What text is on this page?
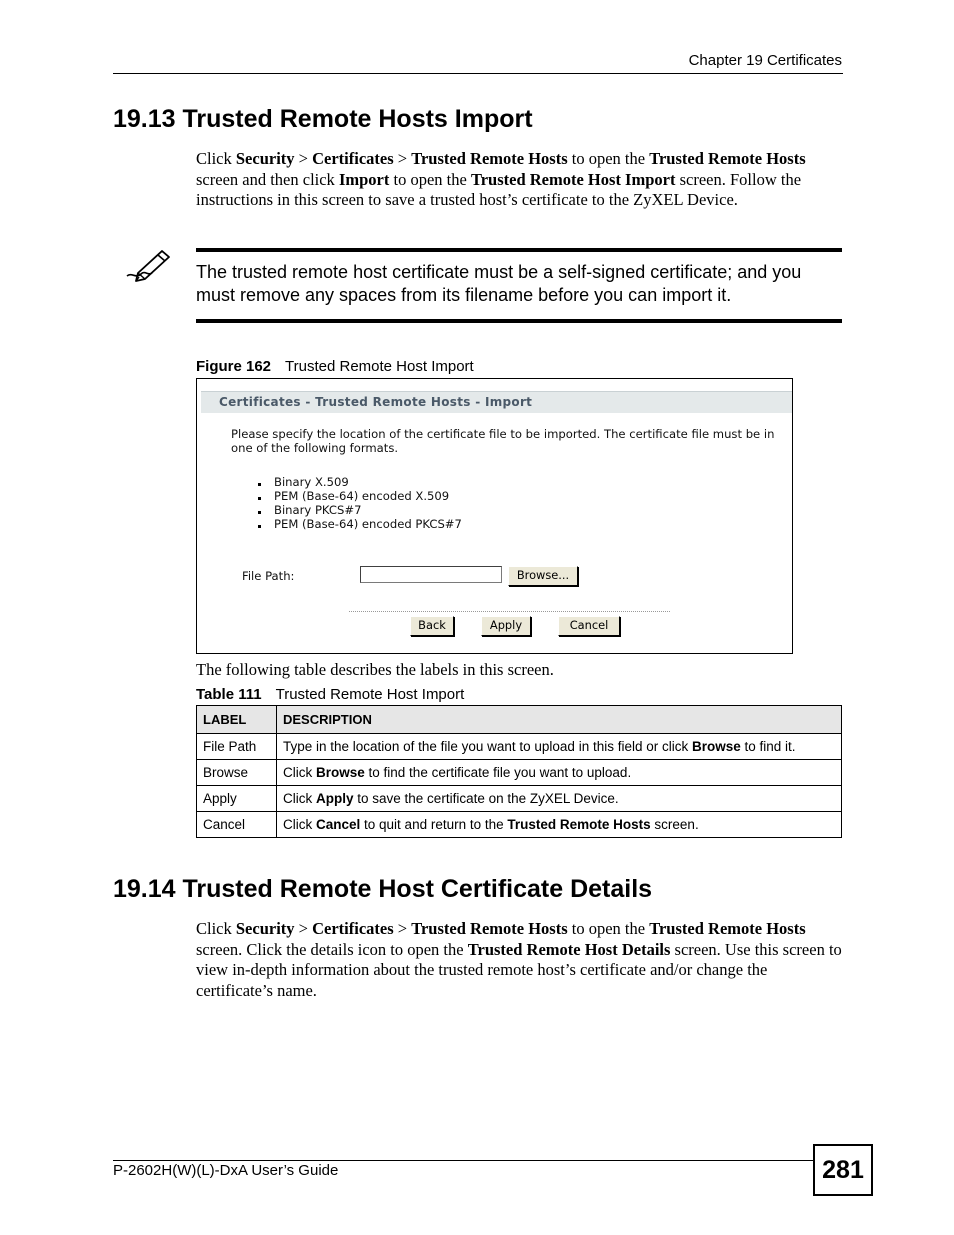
Chapter 19 Certificates
19.13 Trusted Remote Hosts Import

Click Security > Certificates > Trusted Remote Hosts to open the Trusted Remote Hosts screen and then click Import to open the Trusted Remote Host Import screen. Follow the instructions in this screen to save a trusted host’s certificate to the ZyXEL Device.

The trusted remote host certificate must be a self-signed certificate; and you must remove any spaces from its filename before you can import it.
Figure 162 Trusted Remote Host Import
Certificates - Trusted Remote Hosts - Import
Please specify the location of the certificate file to be imported. The certificate file must be in one of the following formats.
Binary X.509
PEM (Base-64) encoded X.509
Binary PKCS#7
PEM (Base-64) encoded PKCS#7
File Path:	Browse...
Back	Apply	Cancel
The following table describes the labels in this screen.
Table 111 Trusted Remote Host Import
LABEL	DESCRIPTION
File Path	Type in the location of the file you want to upload in this field or click Browse to find it.
Browse	Click Browse to find the certificate file you want to upload.
Apply	Click Apply to save the certificate on the ZyXEL Device.
Cancel	Click Cancel to quit and return to the Trusted Remote Hosts screen.
19.14 Trusted Remote Host Certificate Details

Click Security > Certificates > Trusted Remote Hosts to open the Trusted Remote Hosts screen. Click the details icon to open the Trusted Remote Host Details screen. Use this screen to view in-depth information about the trusted remote host’s certificate and/or change the certificate’s name.

P-2602H(W)(L)-DxA User’s Guide	281
